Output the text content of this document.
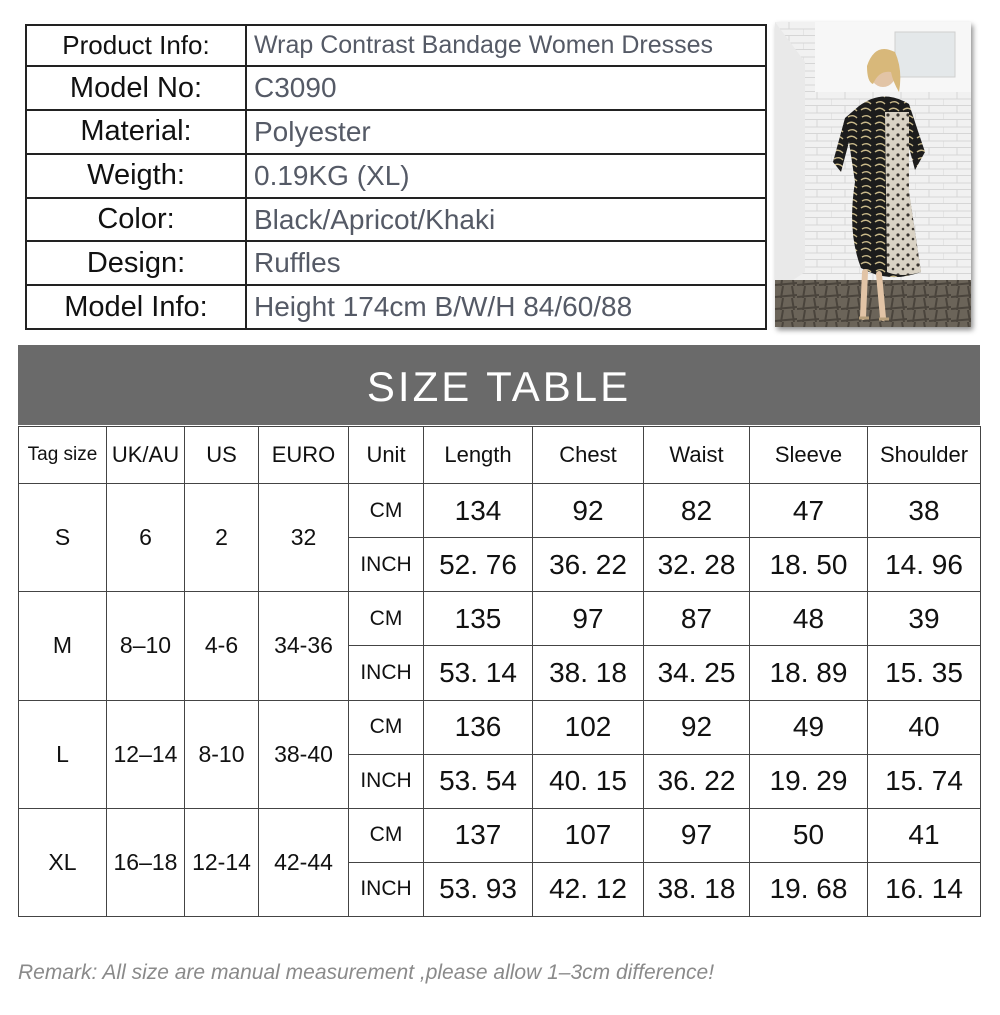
Product Info:	Wrap Contrast Bandage Women Dresses
Model No:	C3090
Material:	Polyester
Weigth:	0.19KG (XL)
Color:	Black/Apricot/Khaki
Design:	Ruffles
Model Info:	Height 174cm B/W/H 84/60/88
SIZE TABLE
Tag size	UK/AU	US	EURO	Unit	Length	Chest	Waist	Sleeve	Shoulder
S	6	2	32	CM	134	92	82	47	38
				INCH	52. 76	36. 22	32. 28	18. 50	14. 96
M	8–10	4-6	34-36	CM	135	97	87	48	39
				INCH	53. 14	38. 18	34. 25	18. 89	15. 35
L	12–14	8-10	38-40	CM	136	102	92	49	40
				INCH	53. 54	40. 15	36. 22	19. 29	15. 74
XL	16–18	12-14	42-44	CM	137	107	97	50	41
				INCH	53. 93	42. 12	38. 18	19. 68	16. 14
Remark: All size are manual measurement ,please allow 1–3cm difference!
